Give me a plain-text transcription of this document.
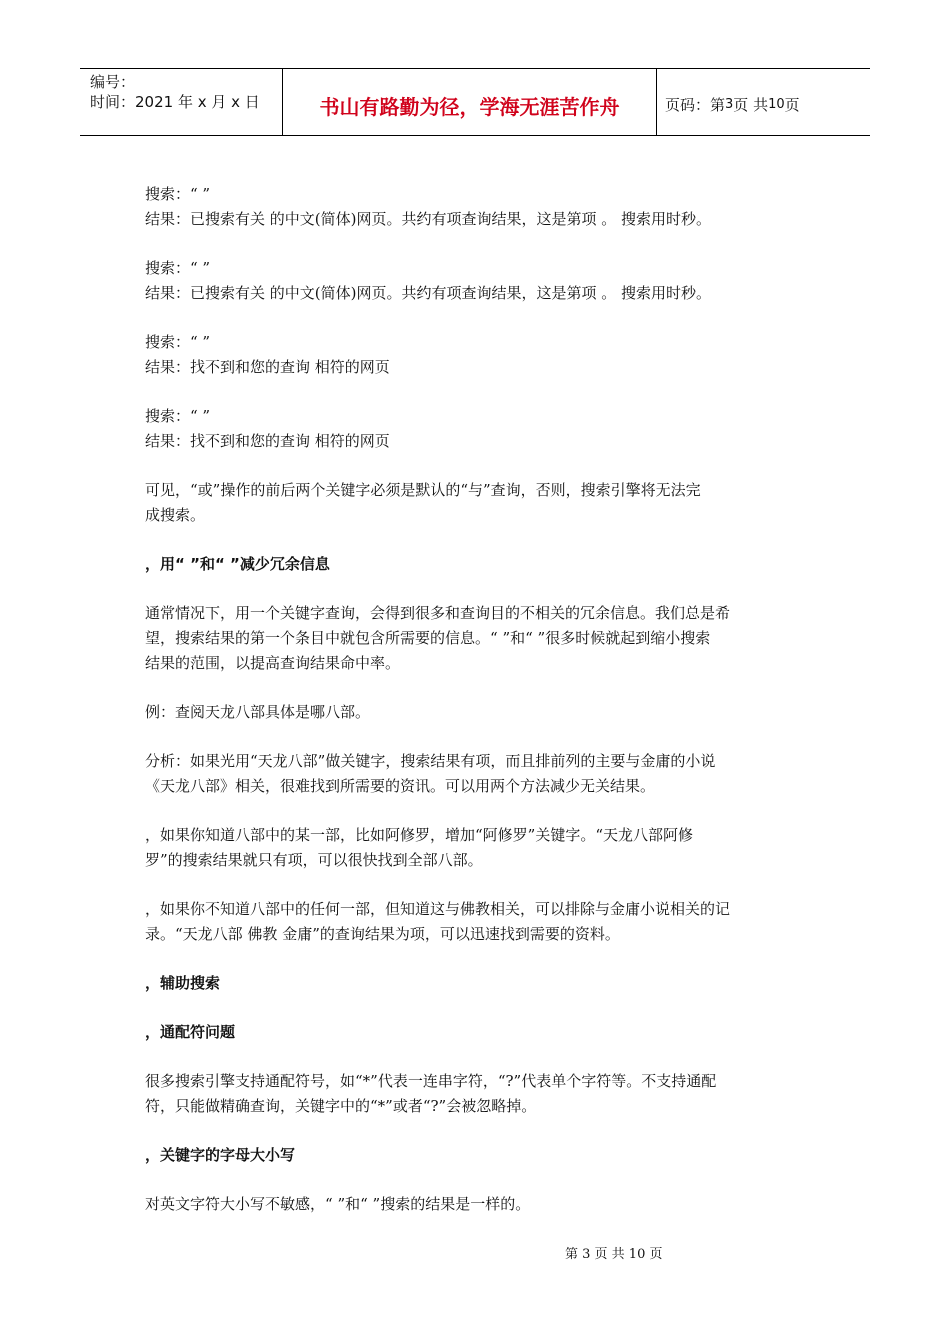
编号：
时间：2021 年 x 月 x 日	书山有路勤为径，学海无涯苦作舟	页码：第 3 页 共 10 页

搜索：“ ”

结果：已搜索有关 的中文(简体)网页。共约有项查询结果，这是第项 。 搜索用时秒。

搜索：“ ”

结果：已搜索有关 的中文(简体)网页。共约有项查询结果，这是第项 。 搜索用时秒。

搜索：“ ”

结果：找不到和您的查询 相符的网页

搜索：“ ”

结果：找不到和您的查询 相符的网页

可见，“或”操作的前后两个关键字必须是默认的“与”查询，否则，搜索引擎将无法完

成搜索。

，用“ ”和“ ”减少冗余信息

通常情况下，用一个关键字查询，会得到很多和查询目的不相关的冗余信息。我们总是希

望，搜索结果的第一个条目中就包含所需要的信息。“ ”和“ ”很多时候就起到缩小搜索

结果的范围，以提高查询结果命中率。

例：查阅天龙八部具体是哪八部。

分析：如果光用“天龙八部”做关键字，搜索结果有项，而且排前列的主要与金庸的小说

《天龙八部》相关，很难找到所需要的资讯。可以用两个方法减少无关结果。

，如果你知道八部中的某一部，比如阿修罗，增加“阿修罗”关键字。“天龙八部阿修

罗”的搜索结果就只有项，可以很快找到全部八部。

，如果你不知道八部中的任何一部，但知道这与佛教相关，可以排除与金庸小说相关的记

录。“天龙八部 佛教 金庸”的查询结果为项，可以迅速找到需要的资料。

，辅助搜索

，通配符问题

很多搜索引擎支持通配符号，如“*”代表一连串字符，“?”代表单个字符等。不支持通配

符，只能做精确查询，关键字中的“*”或者“?”会被忽略掉。

，关键字的字母大小写

对英文字符大小写不敏感，“ ”和“ ”搜索的结果是一样的。

第 3 页 共 10 页
